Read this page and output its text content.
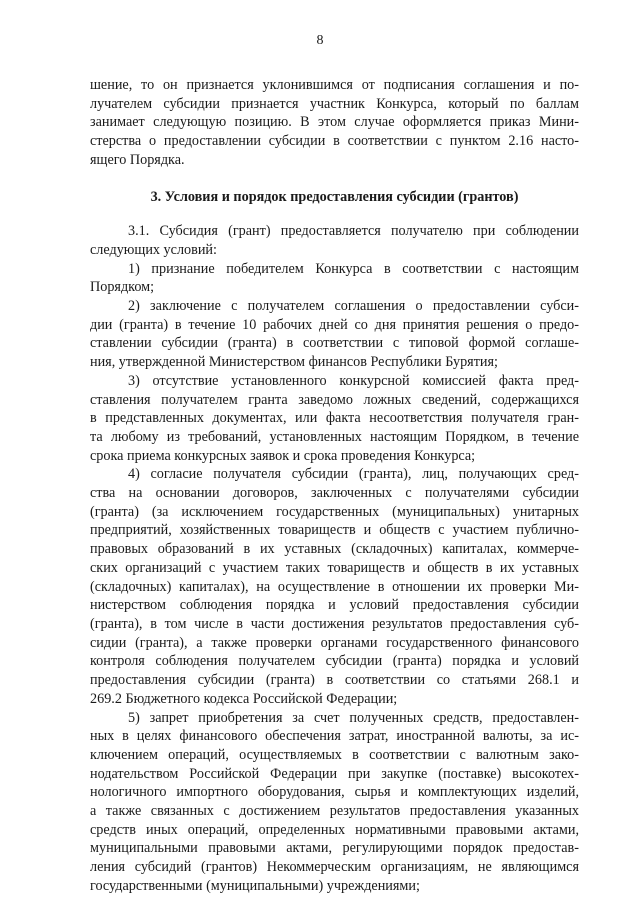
8
шение, то он признается уклонившимся от подписания соглашения и по-
лучателем субсидии признается участник Конкурса, который по баллам
занимает следующую позицию. В этом случае оформляется приказ Мини-
стерства о предоставлении субсидии в соответствии с пунктом 2.16 насто-
ящего Порядка.
3. Условия и порядок предоставления субсидии (грантов)
3.1. Субсидия (грант) предоставляется получателю при соблюдении
следующих условий:
1) признание победителем Конкурса в соответствии с настоящим
Порядком;
2) заключение с получателем соглашения о предоставлении субси-
дии (гранта) в течение 10 рабочих дней со дня принятия решения о предо-
ставлении субсидии (гранта) в соответствии с типовой формой соглаше-
ния, утвержденной Министерством финансов Республики Бурятия;
3) отсутствие установленного конкурсной комиссией факта пред-
ставления получателем гранта заведомо ложных сведений, содержащихся
в представленных документах, или факта несоответствия получателя гран-
та любому из требований, установленных настоящим Порядком, в течение
срока приема конкурсных заявок и срока проведения Конкурса;
4) согласие получателя субсидии (гранта), лиц, получающих сред-
ства на основании договоров, заключенных с получателями субсидии
(гранта) (за исключением государственных (муниципальных) унитарных
предприятий, хозяйственных товариществ и обществ с участием публично-
правовых образований в их уставных (складочных) капиталах, коммерче-
ских организаций с участием таких товариществ и обществ в их уставных
(складочных) капиталах), на осуществление в отношении их проверки Ми-
нистерством соблюдения порядка и условий предоставления субсидии
(гранта), в том числе в части достижения результатов предоставления суб-
сидии (гранта), а также проверки органами государственного финансового
контроля соблюдения получателем субсидии (гранта) порядка и условий
предоставления субсидии (гранта) в соответствии со статьями 268.1 и
269.2 Бюджетного кодекса Российской Федерации;
5) запрет приобретения за счет полученных средств, предоставлен-
ных в целях финансового обеспечения затрат, иностранной валюты, за ис-
ключением операций, осуществляемых в соответствии с валютным зако-
нодательством Российской Федерации при закупке (поставке) высокотех-
нологичного импортного оборудования, сырья и комплектующих изделий,
а также связанных с достижением результатов предоставления указанных
средств иных операций, определенных нормативными правовыми актами,
муниципальными правовыми актами, регулирующими порядок предостав-
ления субсидий (грантов) Некоммерческим организациям, не являющимся
государственными (муниципальными) учреждениями;
